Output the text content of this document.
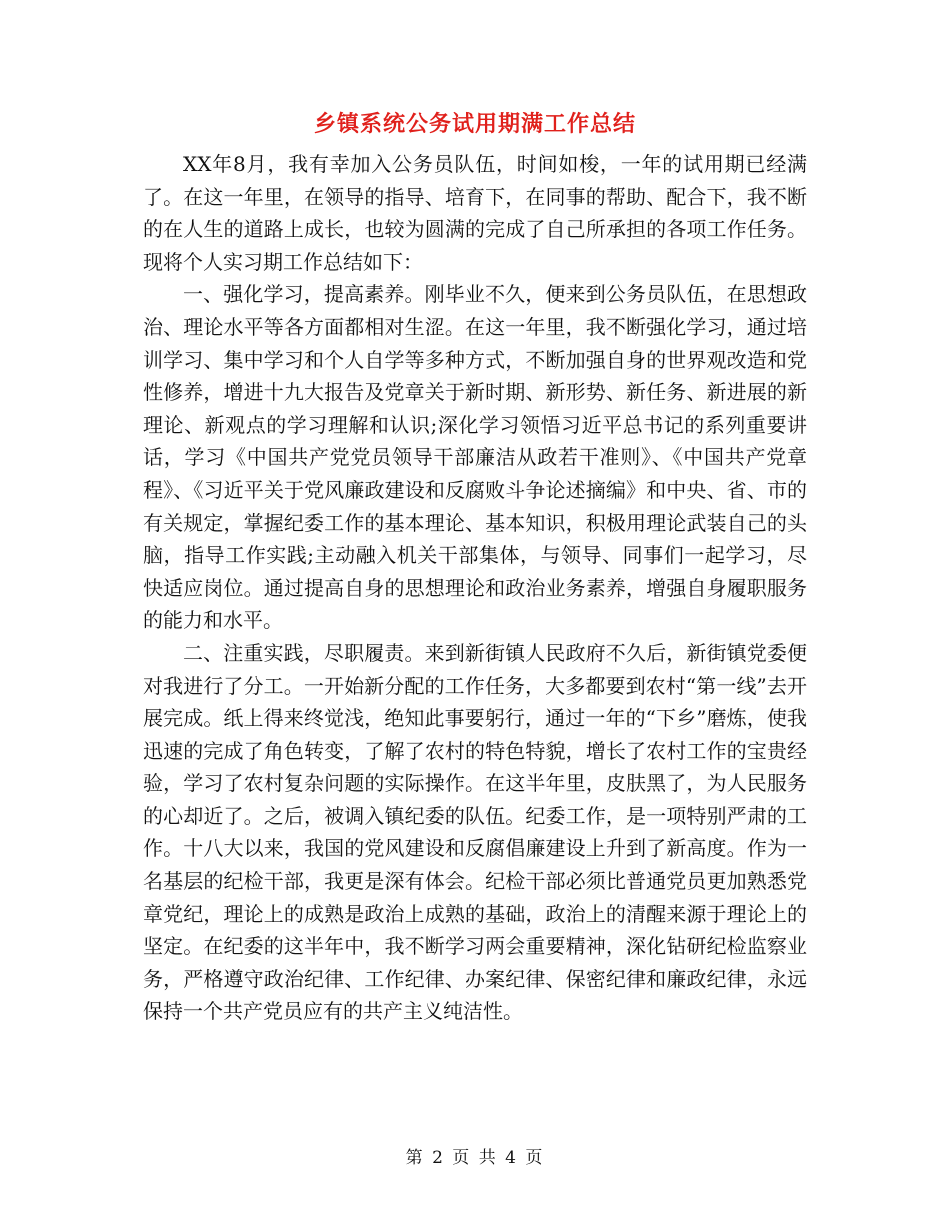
乡镇系统公务试用期满工作总结

XX年8月，我有幸加入公务员队伍，时间如梭，一年的试用期已经满了。在这一年里，在领导的指导、培育下，在同事的帮助、配合下，我不断的在人生的道路上成长，也较为圆满的完成了自己所承担的各项工作任务。现将个人实习期工作总结如下：

一、强化学习，提高素养。刚毕业不久，便来到公务员队伍，在思想政治、理论水平等各方面都相对生涩。在这一年里，我不断强化学习，通过培训学习、集中学习和个人自学等多种方式，不断加强自身的世界观改造和党性修养，增进十九大报告及党章关于新时期、新形势、新任务、新进展的新理论、新观点的学习理解和认识;深化学习领悟习近平总书记的系列重要讲话，学习《中国共产党党员领导干部廉洁从政若干准则》、《中国共产党章程》、《习近平关于党风廉政建设和反腐败斗争论述摘编》和中央、省、市的有关规定，掌握纪委工作的基本理论、基本知识，积极用理论武装自己的头脑，指导工作实践;主动融入机关干部集体，与领导、同事们一起学习，尽快适应岗位。通过提高自身的思想理论和政治业务素养，增强自身履职服务的能力和水平。

二、注重实践，尽职履责。来到新街镇人民政府不久后，新街镇党委便对我进行了分工。一开始新分配的工作任务，大多都要到农村“第一线”去开展完成。纸上得来终觉浅，绝知此事要躬行，通过一年的“下乡”磨炼，使我迅速的完成了角色转变，了解了农村的特色特貌，增长了农村工作的宝贵经验，学习了农村复杂问题的实际操作。在这半年里，皮肤黑了，为人民服务的心却近了。之后，被调入镇纪委的队伍。纪委工作，是一项特别严肃的工作。十八大以来，我国的党风建设和反腐倡廉建设上升到了新高度。作为一名基层的纪检干部，我更是深有体会。纪检干部必须比普通党员更加熟悉党章党纪，理论上的成熟是政治上成熟的基础，政治上的清醒来源于理论上的坚定。在纪委的这半年中，我不断学习两会重要精神，深化钻研纪检监察业务，严格遵守政治纪律、工作纪律、办案纪律、保密纪律和廉政纪律，永远保持一个共产党员应有的共产主义纯洁性。

第 2 页 共 4 页
